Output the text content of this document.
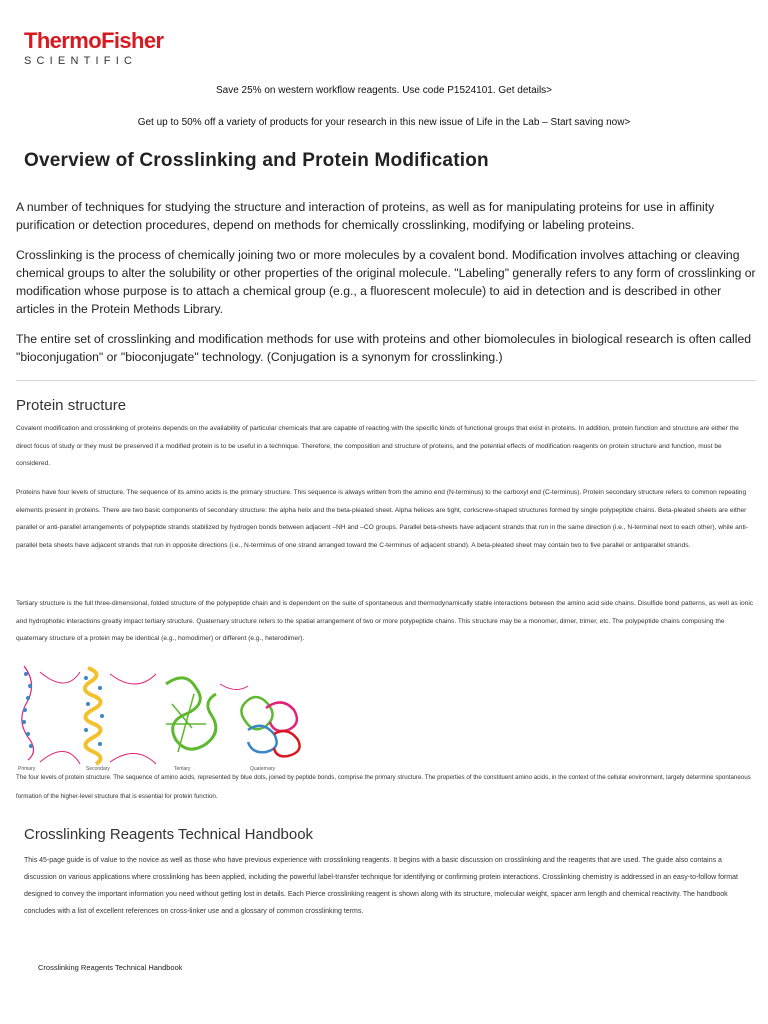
ThermoFisher
SCIENTIFIC
Save 25% on western workflow reagents. Use code P1524101. Get details>
Get up to 50% off a variety of products for your research in this new issue of Life in the Lab – Start saving now>
Overview of Crosslinking and Protein Modification

A number of techniques for studying the structure and interaction of proteins, as well as for manipulating proteins for use in affinity purification or detection procedures, depend on methods for chemically crosslinking, modifying or labeling proteins.

Crosslinking is the process of chemically joining two or more molecules by a covalent bond. Modification involves attaching or cleaving chemical groups to alter the solubility or other properties of the original molecule. "Labeling" generally refers to any form of crosslinking or modification whose purpose is to attach a chemical group (e.g., a fluorescent molecule) to aid in detection and is described in other articles in the Protein Methods Library.

The entire set of crosslinking and modification methods for use with proteins and other biomolecules in biological research is often called "bioconjugation" or "bioconjugate" technology. (Conjugation is a synonym for crosslinking.)

Protein structure

Covalent modification and crosslinking of proteins depends on the availability of particular chemicals that are capable of reacting with the specific kinds of functional groups that exist in proteins. In addition, protein function and structure are either the direct focus of study or they must be preserved if a modified protein is to be useful in a technique. Therefore, the composition and structure of proteins, and the potential effects of modification reagents on protein structure and function, must be considered.

Proteins have four levels of structure. The sequence of its amino acids is the primary structure. This sequence is always written from the amino end (N-terminus) to the carboxyl end (C-terminus). Protein secondary structure refers to common repeating elements present in proteins. There are two basic components of secondary structure: the alpha helix and the beta-pleated sheet. Alpha helices are tight, corkscrew-shaped structures formed by single polypeptide chains. Beta-pleated sheets are either parallel or anti-parallel arrangements of polypeptide strands stabilized by hydrogen bonds between adjacent –NH and –CO groups. Parallel beta-sheets have adjacent strands that run in the same direction (i.e., N-terminal next to each other), while anti-parallel beta sheets have adjacent strands that run in opposite directions (i.e., N-terminus of one strand arranged toward the C-terminus of adjacent strand). A beta-pleated sheet may contain two to five parallel or antiparallel strands.

Tertiary structure is the full three-dimensional, folded structure of the polypeptide chain and is dependent on the suite of spontaneous and thermodynamically stable interactions between the amino acid side chains. Disulfide bond patterns, as well as ionic and hydrophobic interactions greatly impact tertiary structure. Quaternary structure refers to the spatial arrangement of two or more polypeptide chains. This structure may be a monomer, dimer, trimer, etc. The polypeptide chains composing the quaternary structure of a protein may be identical (e.g., homodimer) or different (e.g., heterodimer).

Primary	Secondary	Tertiary	Quaternary

The four levels of protein structure. The sequence of amino acids, represented by blue dots, joined by peptide bonds, comprise the primary structure. The properties of the constituent amino acids, in the context of the cellular environment, largely determine spontaneous formation of the higher-level structure that is essential for protein function.

Crosslinking Reagents Technical Handbook

This 45-page guide is of value to the novice as well as those who have previous experience with crosslinking reagents. It begins with a basic discussion on crosslinking and the reagents that are used. The guide also contains a discussion on various applications where crosslinking has been applied, including the powerful label-transfer technique for identifying or confirming protein interactions. Crosslinking chemistry is addressed in an easy-to-follow format designed to convey the important information you need without getting lost in details. Each Pierce crosslinking reagent is shown along with its structure, molecular weight, spacer arm length and chemical reactivity. The handbook concludes with a list of excellent references on cross-linker use and a glossary of common crosslinking terms.

Crosslinking Reagents Technical Handbook
